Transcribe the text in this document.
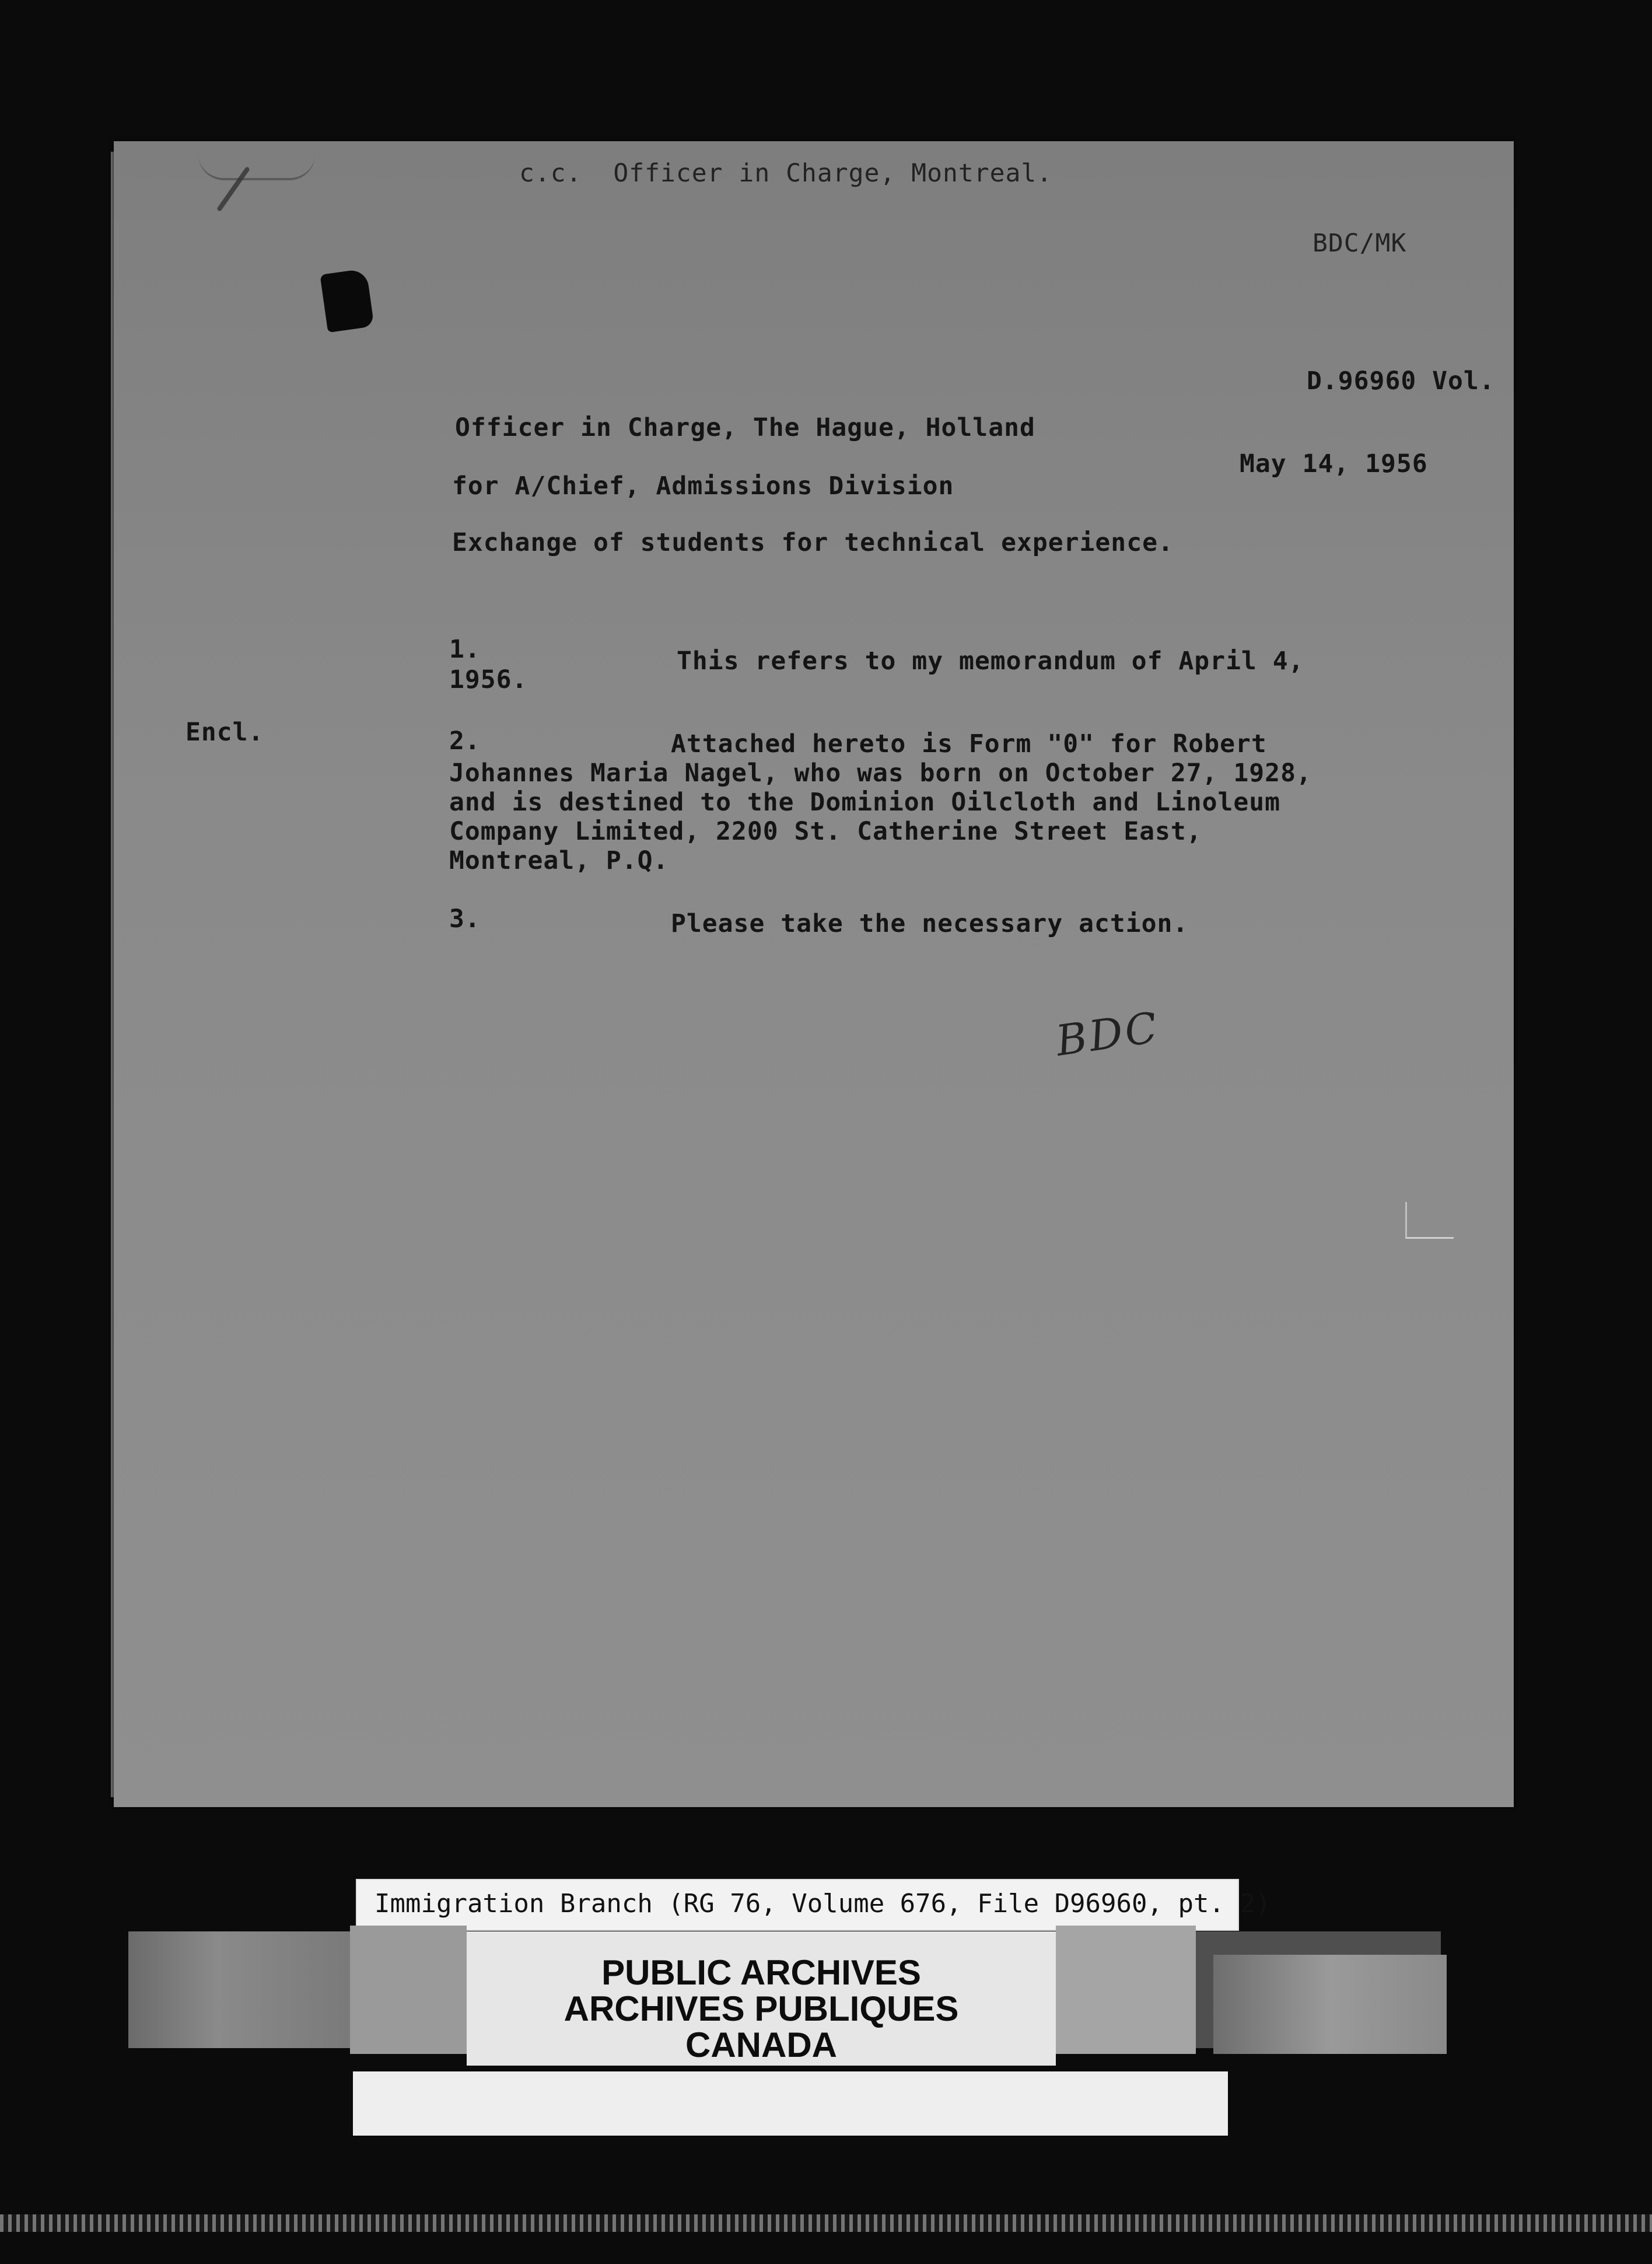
c.c.  Officer in Charge, Montreal.
BDC/MK
D.96960 Vol.
Officer in Charge, The Hague, Holland
for A/Chief, Admissions Division
May 14, 1956
Exchange of students for technical experience.
1.	This refers to my memorandum of April 4,
1956.
Encl.	2.	Attached hereto is Form "0" for Robert
Johannes Maria Nagel, who was born on October 27, 1928,
and is destined to the Dominion Oilcloth and Linoleum
Company Limited, 2200 St. Catherine Street East,
Montreal, P.Q.
3.	Please take the necessary action.
BDC
Immigration Branch (RG 76, Volume 676, File D96960, pt. 2)
PUBLIC ARCHIVES
ARCHIVES PUBLIQUES
CANADA
